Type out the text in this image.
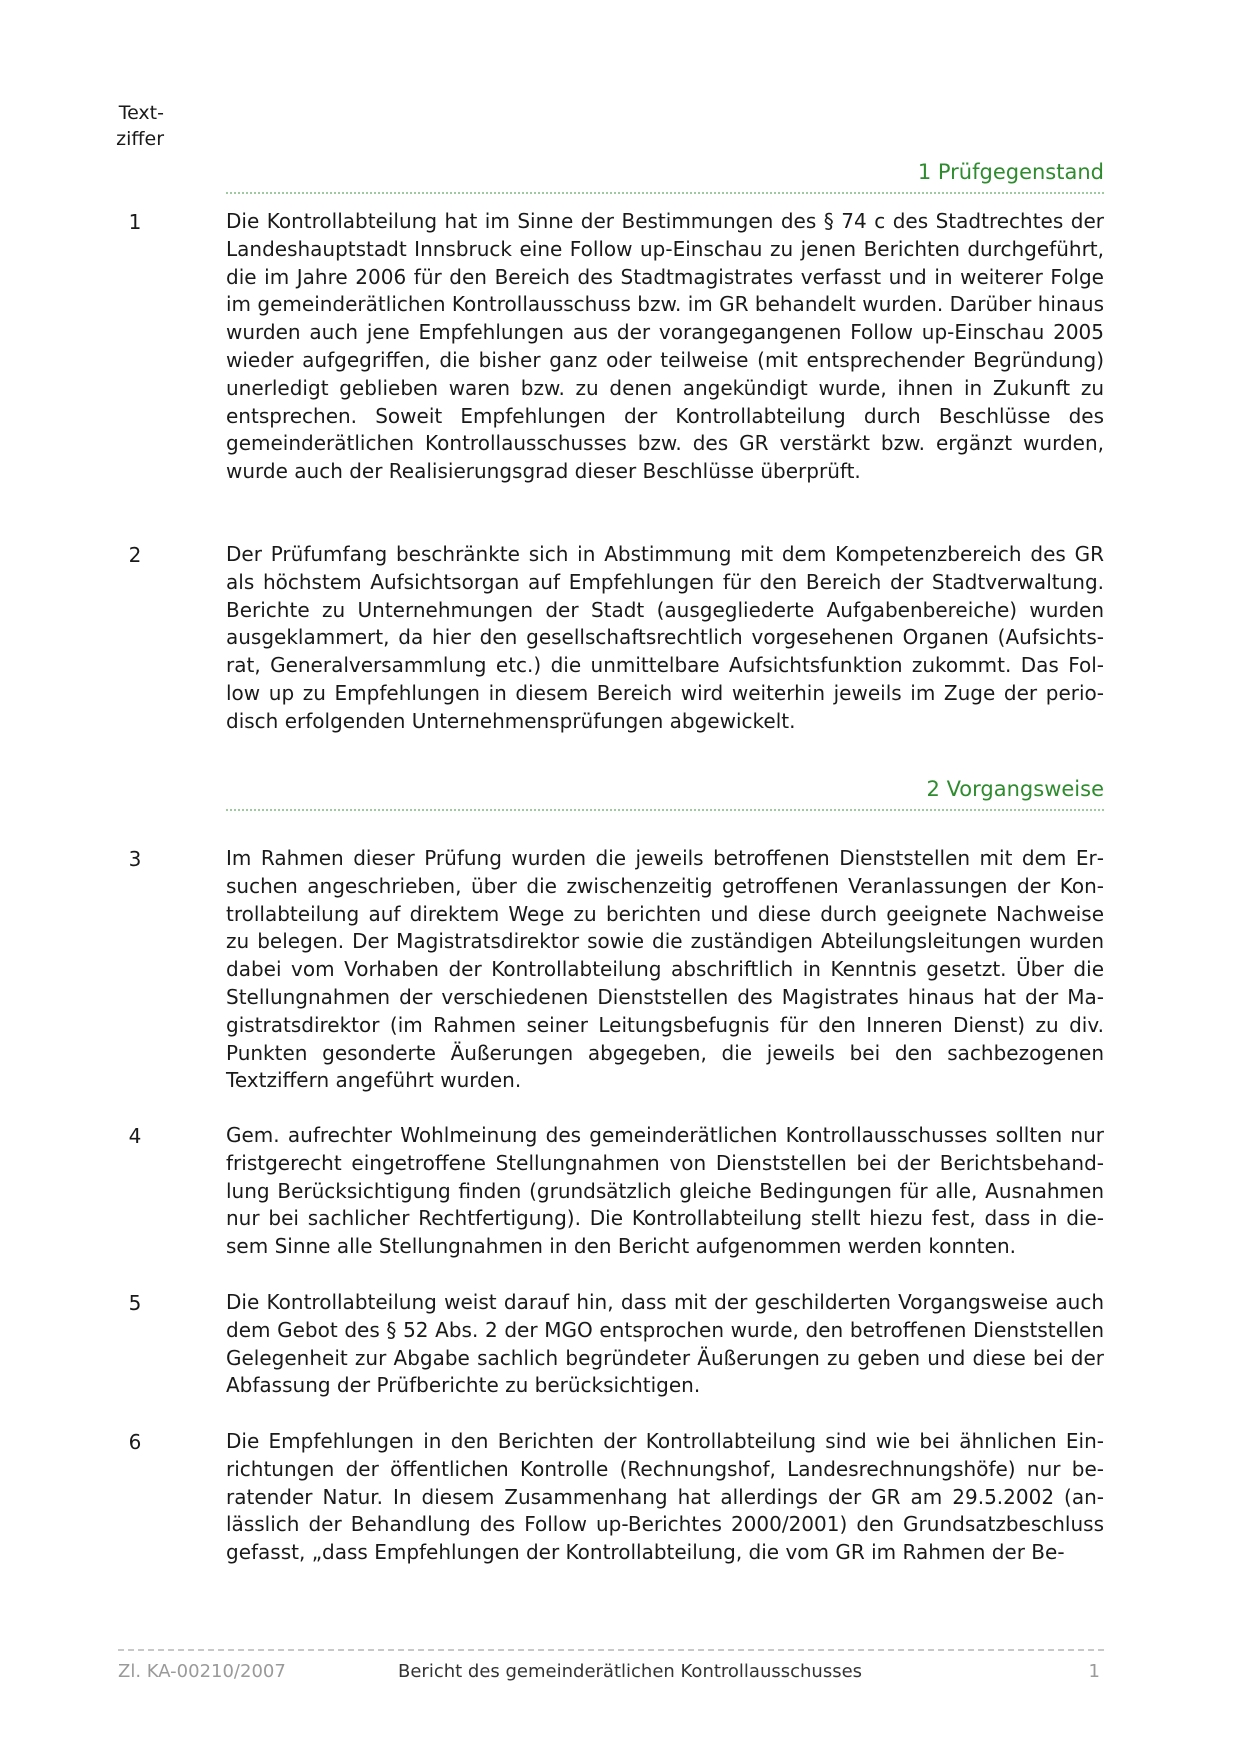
Text-
ziffer
1 Prüfgegenstand
1	Die Kontrollabteilung hat im Sinne der Bestimmungen des § 74 c des Stadtrechtes der Landeshauptstadt Innsbruck eine Follow up-Einschau zu jenen Berichten durchgeführt, die im Jahre 2006 für den Bereich des Stadtmagistrates verfasst und in weiterer Folge im gemeinderätlichen Kontrollausschuss bzw. im GR behandelt wurden. Darüber hinaus wurden auch jene Empfehlungen aus der vorangegangenen Follow up-Einschau 2005 wieder aufgegriffen, die bisher ganz oder teilweise (mit entsprechender Begründung) unerledigt geblieben waren bzw. zu denen angekündigt wurde, ihnen in Zukunft zu entsprechen. Soweit Empfehlungen der Kontrollabteilung durch Beschlüsse des gemeinderätlichen Kontrollausschusses bzw. des GR verstärkt bzw. ergänzt wurden, wurde auch der Realisierungsgrad dieser Beschlüsse überprüft.
2	Der Prüfumfang beschränkte sich in Abstimmung mit dem Kompetenzbereich des GR als höchstem Aufsichtsorgan auf Empfehlungen für den Bereich der Stadtverwaltung. Berichte zu Unternehmungen der Stadt (ausgegliederte Aufgabenbereiche) wurden ausgeklammert, da hier den gesellschaftsrechtlich vorgesehenen Organen (Aufsichtsrat, Generalversammlung etc.) die unmittelbare Aufsichtsfunktion zukommt. Das Follow up zu Empfehlungen in diesem Bereich wird weiterhin jeweils im Zuge der periodisch erfolgenden Unternehmensprüfungen abgewickelt.
2 Vorgangsweise
3	Im Rahmen dieser Prüfung wurden die jeweils betroffenen Dienststellen mit dem Ersuchen angeschrieben, über die zwischenzeitig getroffenen Veranlassungen der Kontrollabteilung auf direktem Wege zu berichten und diese durch geeignete Nachweise zu belegen. Der Magistratsdirektor sowie die zuständigen Abteilungsleitungen wurden dabei vom Vorhaben der Kontrollabteilung abschriftlich in Kenntnis gesetzt. Über die Stellungnahmen der verschiedenen Dienststellen des Magistrates hinaus hat der Magistratsdirektor (im Rahmen seiner Leitungsbefugnis für den Inneren Dienst) zu div. Punkten gesonderte Äußerungen abgegeben, die jeweils bei den sachbezogenen Textziffern angeführt wurden.
4	Gem. aufrechter Wohlmeinung des gemeinderätlichen Kontrollausschusses sollten nur fristgerecht eingetroffene Stellungnahmen von Dienststellen bei der Berichtsbehandlung Berücksichtigung finden (grundsätzlich gleiche Bedingungen für alle, Ausnahmen nur bei sachlicher Rechtfertigung). Die Kontrollabteilung stellt hiezu fest, dass in diesem Sinne alle Stellungnahmen in den Bericht aufgenommen werden konnten.
5	Die Kontrollabteilung weist darauf hin, dass mit der geschilderten Vorgangsweise auch dem Gebot des § 52 Abs. 2 der MGO entsprochen wurde, den betroffenen Dienststellen Gelegenheit zur Abgabe sachlich begründeter Äußerungen zu geben und diese bei der Abfassung der Prüfberichte zu berücksichtigen.
6	Die Empfehlungen in den Berichten der Kontrollabteilung sind wie bei ähnlichen Einrichtungen der öffentlichen Kontrolle (Rechnungshof, Landesrechnungshöfe) nur beratender Natur. In diesem Zusammenhang hat allerdings der GR am 29.5.2002 (anlässlich der Behandlung des Follow up-Berichtes 2000/2001) den Grundsatzbeschluss gefasst, „dass Empfehlungen der Kontrollabteilung, die vom GR im Rahmen der Be-
Zl. KA-00210/2007	Bericht des gemeinderätlichen Kontrollausschusses	1
